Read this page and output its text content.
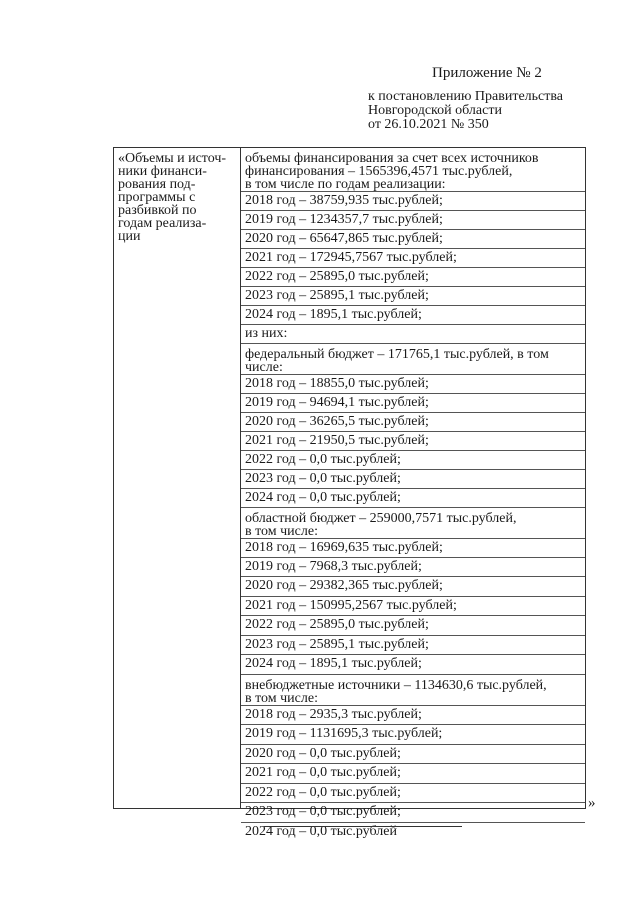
Приложение № 2
к постановлению Правительства
Новгородской области
от 26.10.2021 № 350
«Объемы и источ-
ники финанси-
рования под-
программы с
разбивкой по
годам реализа-
ции
объемы финансирования за счет всех источников
финансирования – 1565396,4571 тыс.рублей,
в том числе по годам реализации:
2018 год – 38759,935 тыс.рублей;
2019 год – 1234357,7 тыс.рублей;
2020 год – 65647,865 тыс.рублей;
2021 год – 172945,7567 тыс.рублей;
2022 год – 25895,0 тыс.рублей;
2023 год – 25895,1 тыс.рублей;
2024 год – 1895,1 тыс.рублей;
из них:
федеральный бюджет – 171765,1 тыс.рублей, в том
числе:
2018 год – 18855,0 тыс.рублей;
2019 год – 94694,1 тыс.рублей;
2020 год – 36265,5 тыс.рублей;
2021 год – 21950,5 тыс.рублей;
2022 год – 0,0 тыс.рублей;
2023 год – 0,0 тыс.рублей;
2024 год – 0,0 тыс.рублей;
областной бюджет – 259000,7571 тыс.рублей,
в том числе:
2018 год – 16969,635 тыс.рублей;
2019 год – 7968,3 тыс.рублей;
2020 год – 29382,365 тыс.рублей;
2021 год – 150995,2567 тыс.рублей;
2022 год – 25895,0 тыс.рублей;
2023 год – 25895,1 тыс.рублей;
2024 год – 1895,1 тыс.рублей;
внебюджетные источники – 1134630,6 тыс.рублей,
в том числе:
2018 год – 2935,3 тыс.рублей;
2019 год – 1131695,3 тыс.рублей;
2020 год – 0,0 тыс.рублей;
2021 год – 0,0 тыс.рублей;
2022 год – 0,0 тыс.рублей;
2023 год – 0,0 тыс.рублей;
2024 год – 0,0 тыс.рублей
»
